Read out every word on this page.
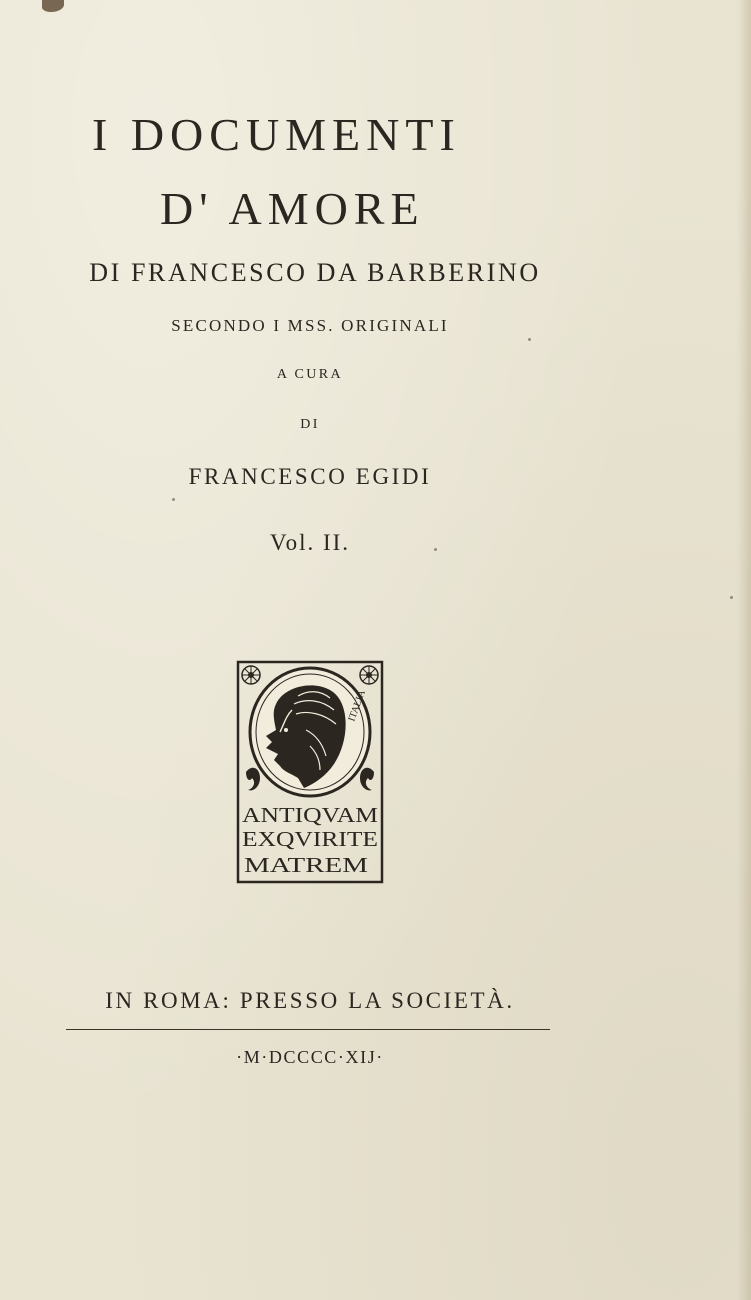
I DOCUMENTI
D' AMORE
DI FRANCESCO DA BARBERINO
SECONDO I MSS. ORIGINALI
A CURA
DI
FRANCESCO EGIDI
Vol. II.
ITALIA
ANTIQVAM
EXQVIRITE
MATREM
IN ROMA: PRESSO LA SOCIETÀ.
·M·DCCCC·XIJ·
